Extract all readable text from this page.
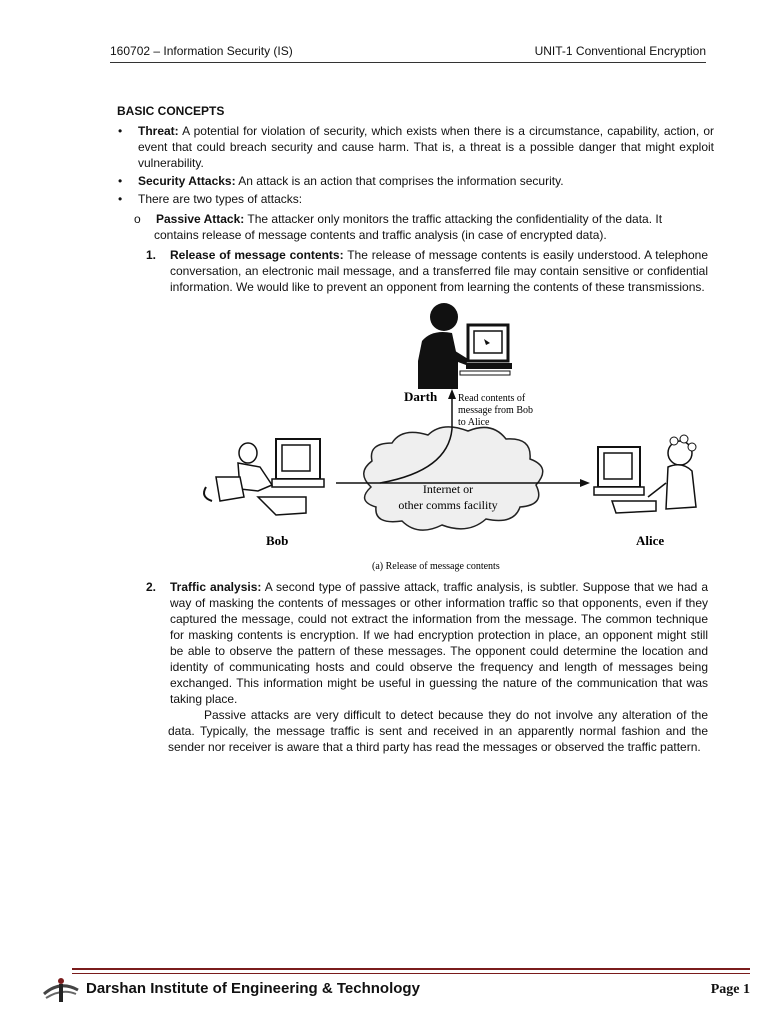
160702 – Information Security (IS)	UNIT-1 Conventional Encryption
BASIC CONCEPTS
• Threat: A potential for violation of security, which exists when there is a circumstance, capability, action, or event that could breach security and cause harm. That is, a threat is a possible danger that might exploit vulnerability.
• Security Attacks: An attack is an action that comprises the information security.
• There are two types of attacks:
o Passive Attack: The attacker only monitors the traffic attacking the confidentiality of the data. It
contains release of message contents and traffic analysis (in case of encrypted data).
1. Release of message contents: The release of message contents is easily understood. A telephone conversation, an electronic mail message, and a transferred file may contain sensitive or confidential information. We would like to prevent an opponent from learning the contents of these transmissions.
Darth Read contents of
message from Bob
to Alice
Internet or
other comms facility
Bob	Alice
(a) Release of message contents
2. Traffic analysis: A second type of passive attack, traffic analysis, is subtler. Suppose that we had a way of masking the contents of messages or other information traffic so that opponents, even if they captured the message, could not extract the information from the message. The common technique for masking contents is encryption. If we had encryption protection in place, an opponent might still be able to observe the pattern of these messages. The opponent could determine the location and identity of communicating hosts and could observe the frequency and length of messages being exchanged. This information might be useful in guessing the nature of the communication that was taking place.
Passive attacks are very difficult to detect because they do not involve any alteration of the data. Typically, the message traffic is sent and received in an apparently normal fashion and the sender nor receiver is aware that a third party has read the messages or observed the traffic pattern.
Darshan Institute of Engineering & Technology	Page 1
